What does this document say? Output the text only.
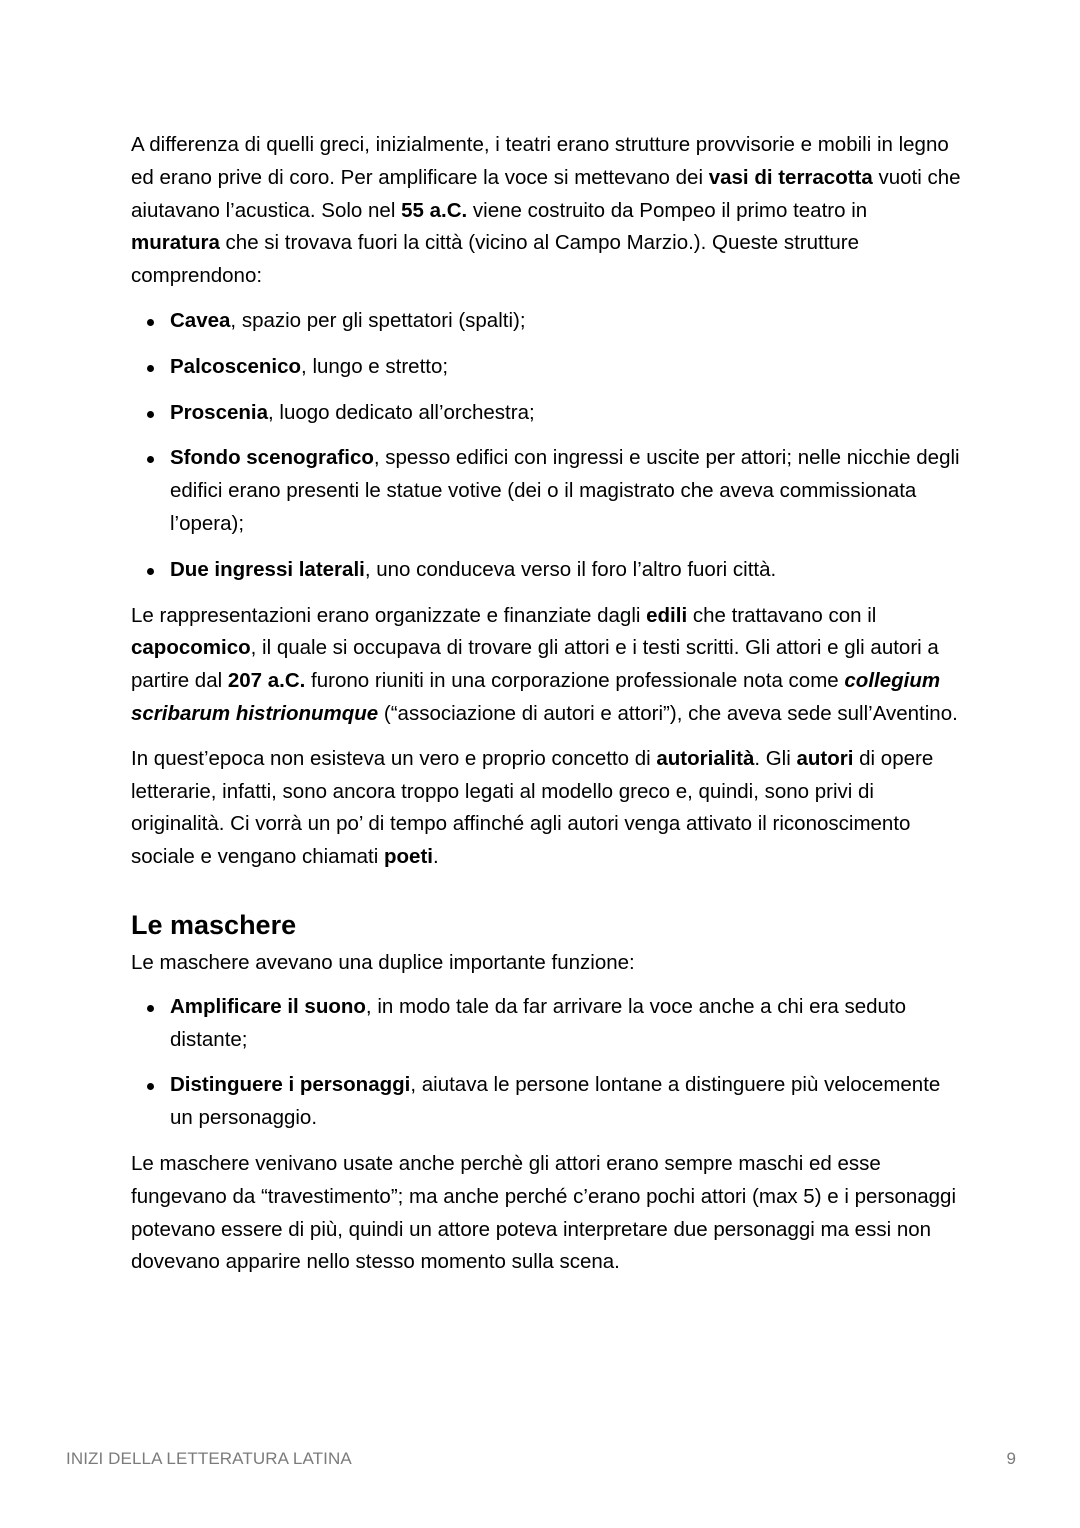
A differenza di quelli greci, inizialmente, i teatri erano strutture provvisorie e mobili in legno ed erano prive di coro. Per amplificare la voce si mettevano dei vasi di terracotta vuoti che aiutavano l’acustica. Solo nel 55 a.C. viene costruito da Pompeo il primo teatro in muratura che si trovava fuori la città (vicino al Campo Marzio.). Queste strutture comprendono:

Cavea, spazio per gli spettatori (spalti);
Palcoscenico, lungo e stretto;
Proscenia, luogo dedicato all’orchestra;
Sfondo scenografico, spesso edifici con ingressi e uscite per attori; nelle nicchie degli edifici erano presenti le statue votive (dei o il magistrato che aveva commissionata l’opera);
Due ingressi laterali, uno conduceva verso il foro l’altro fuori città.

Le rappresentazioni erano organizzate e finanziate dagli edili che trattavano con il capocomico, il quale si occupava di trovare gli attori e i testi scritti. Gli attori e gli autori a partire dal 207 a.C. furono riuniti in una corporazione professionale nota come collegium scribarum histrionumque (“associazione di autori e attori”), che aveva sede sull’Aventino.

In quest’epoca non esisteva un vero e proprio concetto di autorialità. Gli autori di opere letterarie, infatti, sono ancora troppo legati al modello greco e, quindi, sono privi di originalità. Ci vorrà un po’ di tempo affinché agli autori venga attivato il riconoscimento sociale e vengano chiamati poeti.

Le maschere

Le maschere avevano una duplice importante funzione:

Amplificare il suono, in modo tale da far arrivare la voce anche a chi era seduto distante;
Distinguere i personaggi, aiutava le persone lontane a distinguere più velocemente un personaggio.

Le maschere venivano usate anche perchè gli attori erano sempre maschi ed esse fungevano da “travestimento”; ma anche perché c’erano pochi attori (max 5) e i personaggi potevano essere di più, quindi un attore poteva interpretare due personaggi ma essi non dovevano apparire nello stesso momento sulla scena.

INIZI DELLA LETTERATURA LATINA	9
